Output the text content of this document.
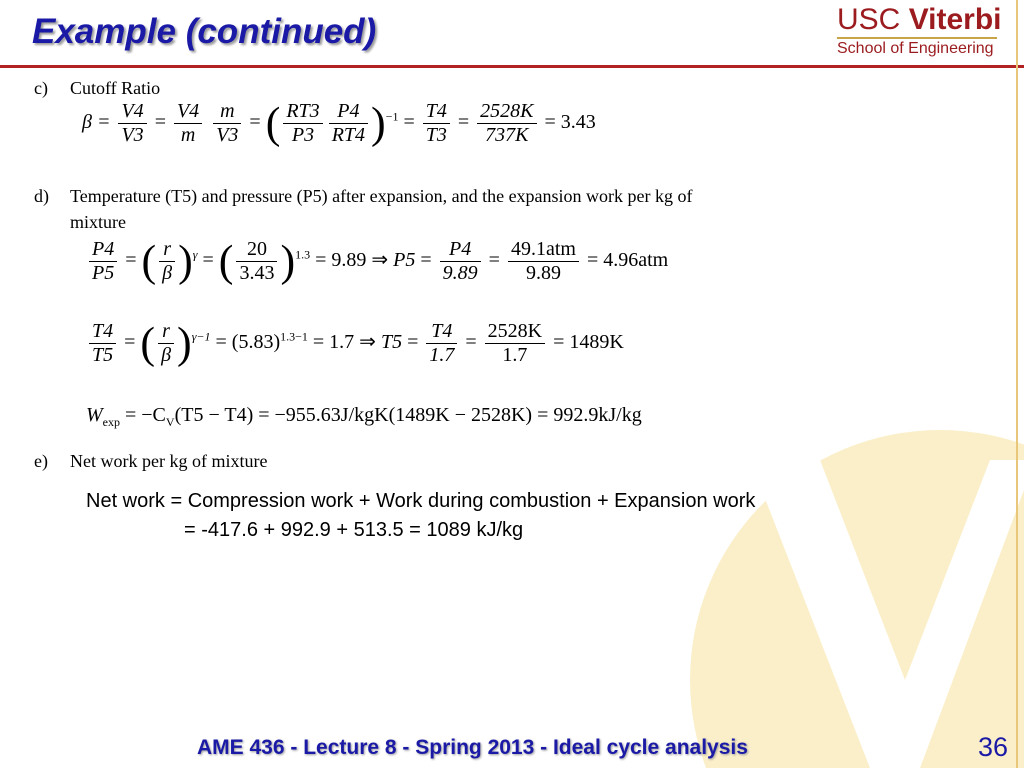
Example (continued)	USC Viterbi
School of Engineering
c) Cutoff Ratio
$\beta = \frac{V4}{V3} = \frac{V4}{m}$
$\frac{m}{V3}$ = ( $\frac{RT3}{P3} \frac{P4}{RT4} )^{-1} = \frac{T4}{T3} = \frac{2528K}{737K} = 3.43$
d) Temperature (T5) and pressure (P5) after expansion, and the expansion work per kg of
mixture
$\frac{P4}{P5}$ = ( $\frac{r}{\beta} )^\gamma$ = ( $\frac{20}{3.43} )^{1.3} = 9.89$ ⇒ $P5 = \frac{P4}{9.89} = \frac{\text{49.1atm}}{9.89} = 4.96atm$
$\frac{T4}{T5}$ = ( $\frac{r}{\beta} )^{\gamma-1} = (5.83)^{1.3-1} = 1.7$ ⇒ $T5 = \frac{T4}{1.7} = \frac{2528K}{1.7} = 1489K$
$W_{exp} = -C_V(T5 - T4) = -955.63J/kgK(1489K - 2528K) = 992.9kJ/kg$
e) Net work per kg of mixture
Net work = Compression work + Work during combustion + Expansion work
= -417.6 + 992.9 + 513.5 = 1089 kJ/kg
AME 436 - Lecture 8 - Spring 2013 - Ideal cycle analysis	36
